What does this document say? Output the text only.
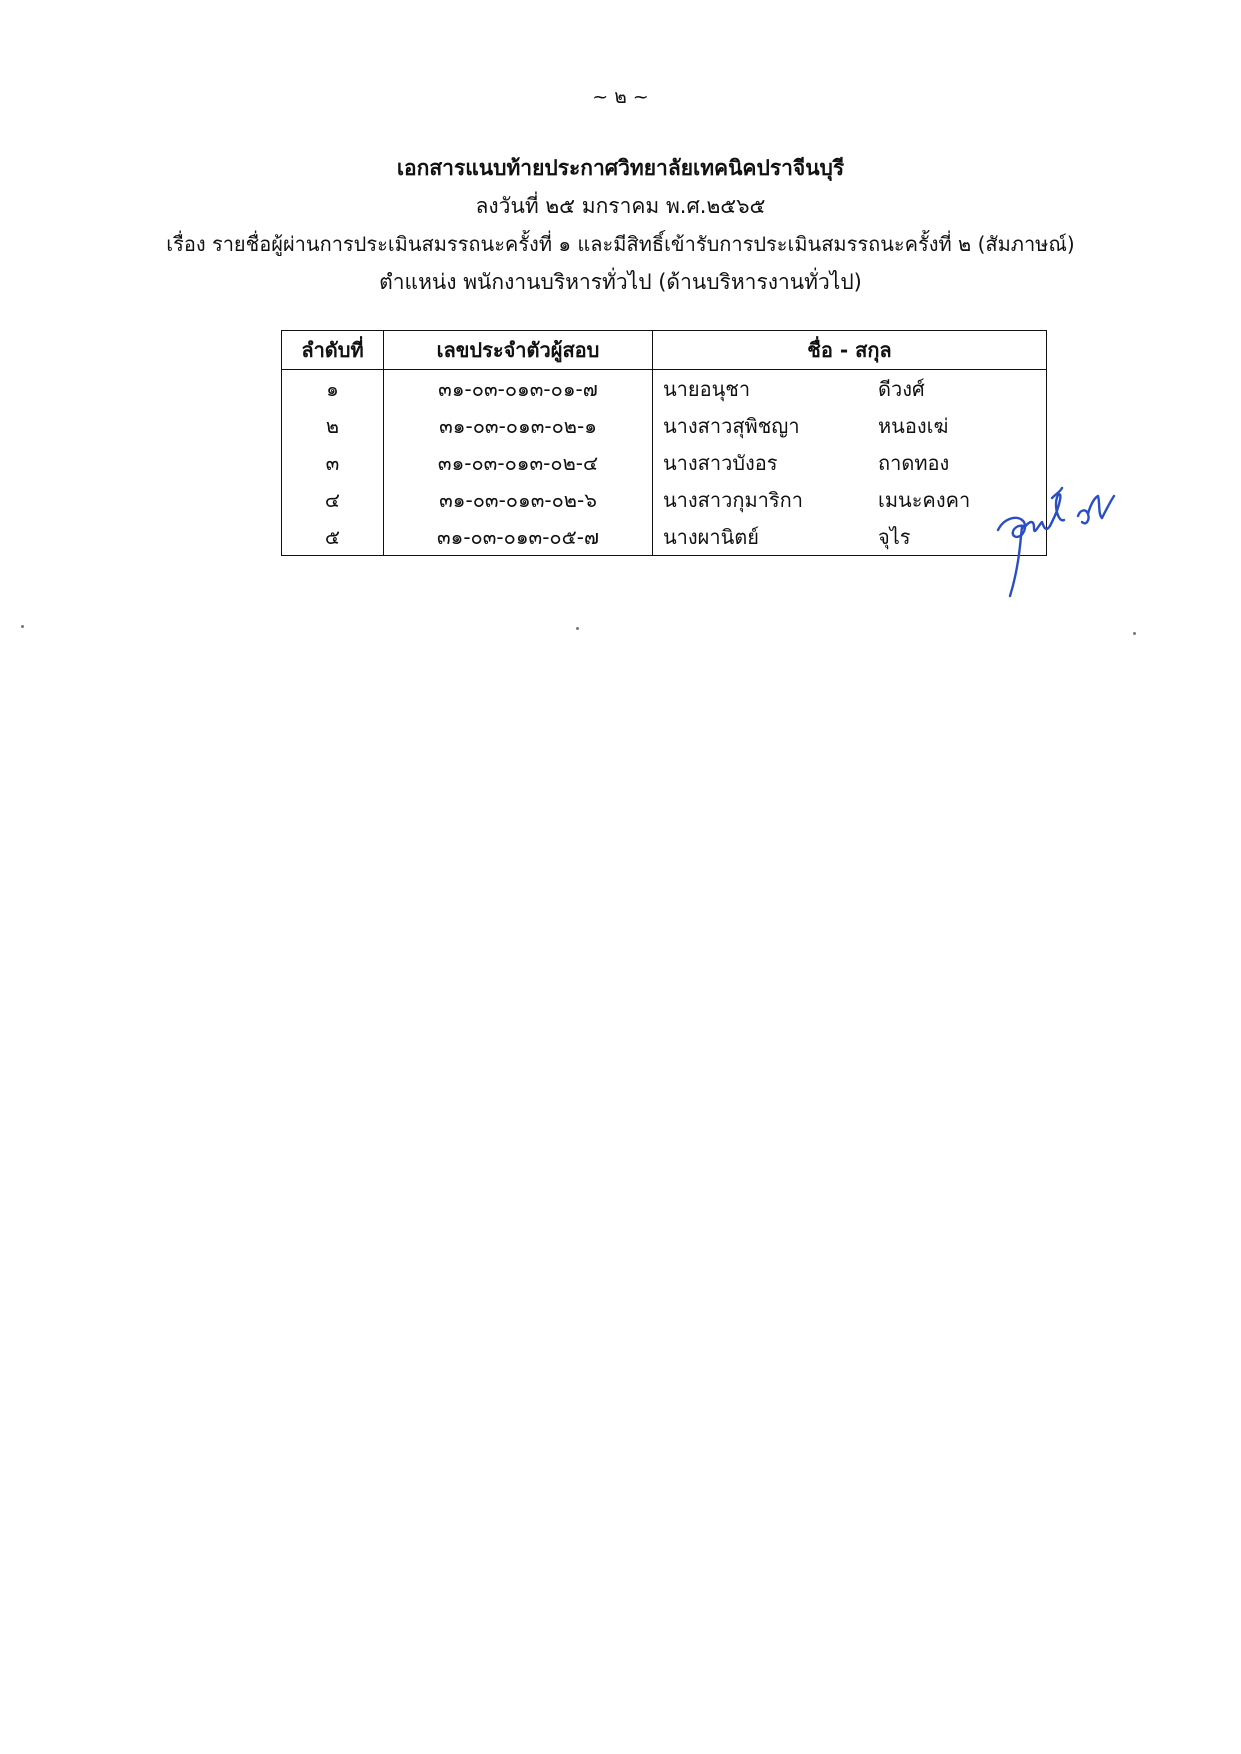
~ ๒ ~
เอกสารแนบท้ายประกาศวิทยาลัยเทคนิคปราจีนบุรี
ลงวันที่ ๒๕ มกราคม พ.ศ.๒๕๖๕
เรื่อง รายชื่อผู้ผ่านการประเมินสมรรถนะครั้งที่ ๑ และมีสิทธิ์เข้ารับการประเมินสมรรถนะครั้งที่ ๒ (สัมภาษณ์)
ตำแหน่ง พนักงานบริหารทั่วไป (ด้านบริหารงานทั่วไป)
ลำดับที่	เลขประจำตัวผู้สอบ	ชื่อ - สกุล
๑	๓๑-๐๓-๐๑๓-๐๑-๗	นายอนุชา ดีวงศ์
๒	๓๑-๐๓-๐๑๓-๐๒-๑	นางสาวสุพิชญา หนองเฆ่
๓	๓๑-๐๓-๐๑๓-๐๒-๔	นางสาวบังอร ถาดทอง
๔	๓๑-๐๓-๐๑๓-๐๒-๖	นางสาวกุมาริกา เมนะคงคา
๕	๓๑-๐๓-๐๑๓-๐๕-๗	นางผานิตย์ จุไร
